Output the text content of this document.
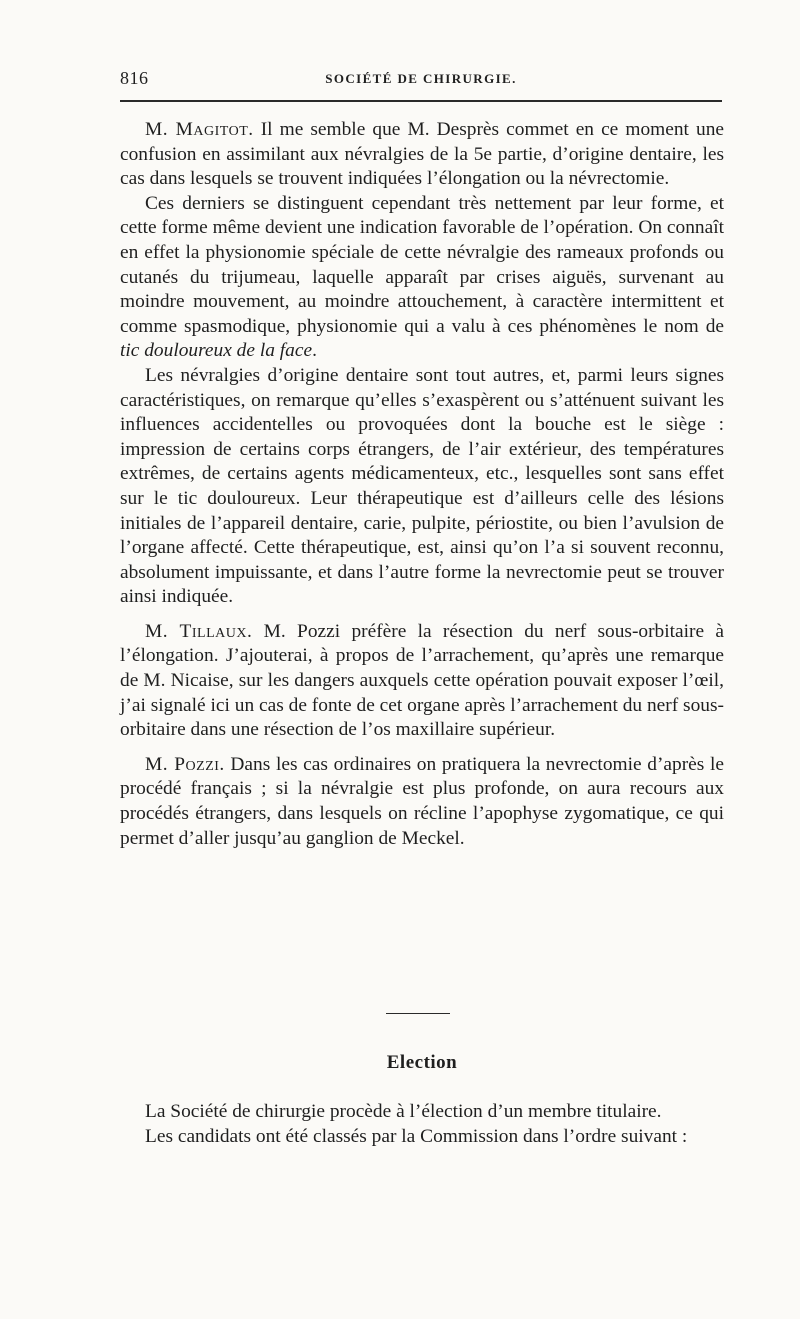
816	SOCIÉTÉ DE CHIRURGIE.

M. Magitot. Il me semble que M. Desprès commet en ce moment une confusion en assimilant aux névralgies de la 5e partie, d’origine dentaire, les cas dans lesquels se trouvent indiquées l’élongation ou la névrectomie.

Ces derniers se distinguent cependant très nettement par leur forme, et cette forme même devient une indication favorable de l’opération. On connaît en effet la physionomie spéciale de cette névralgie des rameaux profonds ou cutanés du trijumeau, laquelle apparaît par crises aiguës, survenant au moindre mouvement, au moindre attouchement, à caractère intermittent et comme spasmodique, physionomie qui a valu à ces phénomènes le nom de tic douloureux de la face.

Les névralgies d’origine dentaire sont tout autres, et, parmi leurs signes caractéristiques, on remarque qu’elles s’exaspèrent ou s’atténuent suivant les influences accidentelles ou provoquées dont la bouche est le siège : impression de certains corps étrangers, de l’air extérieur, des températures extrêmes, de certains agents médicamenteux, etc., lesquelles sont sans effet sur le tic douloureux. Leur thérapeutique est d’ailleurs celle des lésions initiales de l’appareil dentaire, carie, pulpite, périostite, ou bien l’avulsion de l’organe affecté. Cette thérapeutique, est, ainsi qu’on l’a si souvent reconnu, absolument impuissante, et dans l’autre forme la nevrectomie peut se trouver ainsi indiquée.

M. Tillaux. M. Pozzi préfère la résection du nerf sous-orbitaire à l’élongation. J’ajouterai, à propos de l’arrachement, qu’après une remarque de M. Nicaise, sur les dangers auxquels cette opération pouvait exposer l’œil, j’ai signalé ici un cas de fonte de cet organe après l’arrachement du nerf sous-orbitaire dans une résection de l’os maxillaire supérieur.

M. Pozzi. Dans les cas ordinaires on pratiquera la nevrectomie d’après le procédé français ; si la névralgie est plus profonde, on aura recours aux procédés étrangers, dans lesquels on récline l’apophyse zygomatique, ce qui permet d’aller jusqu’au ganglion de Meckel.

Election

La Société de chirurgie procède à l’élection d’un membre titulaire.

Les candidats ont été classés par la Commission dans l’ordre suivant :
